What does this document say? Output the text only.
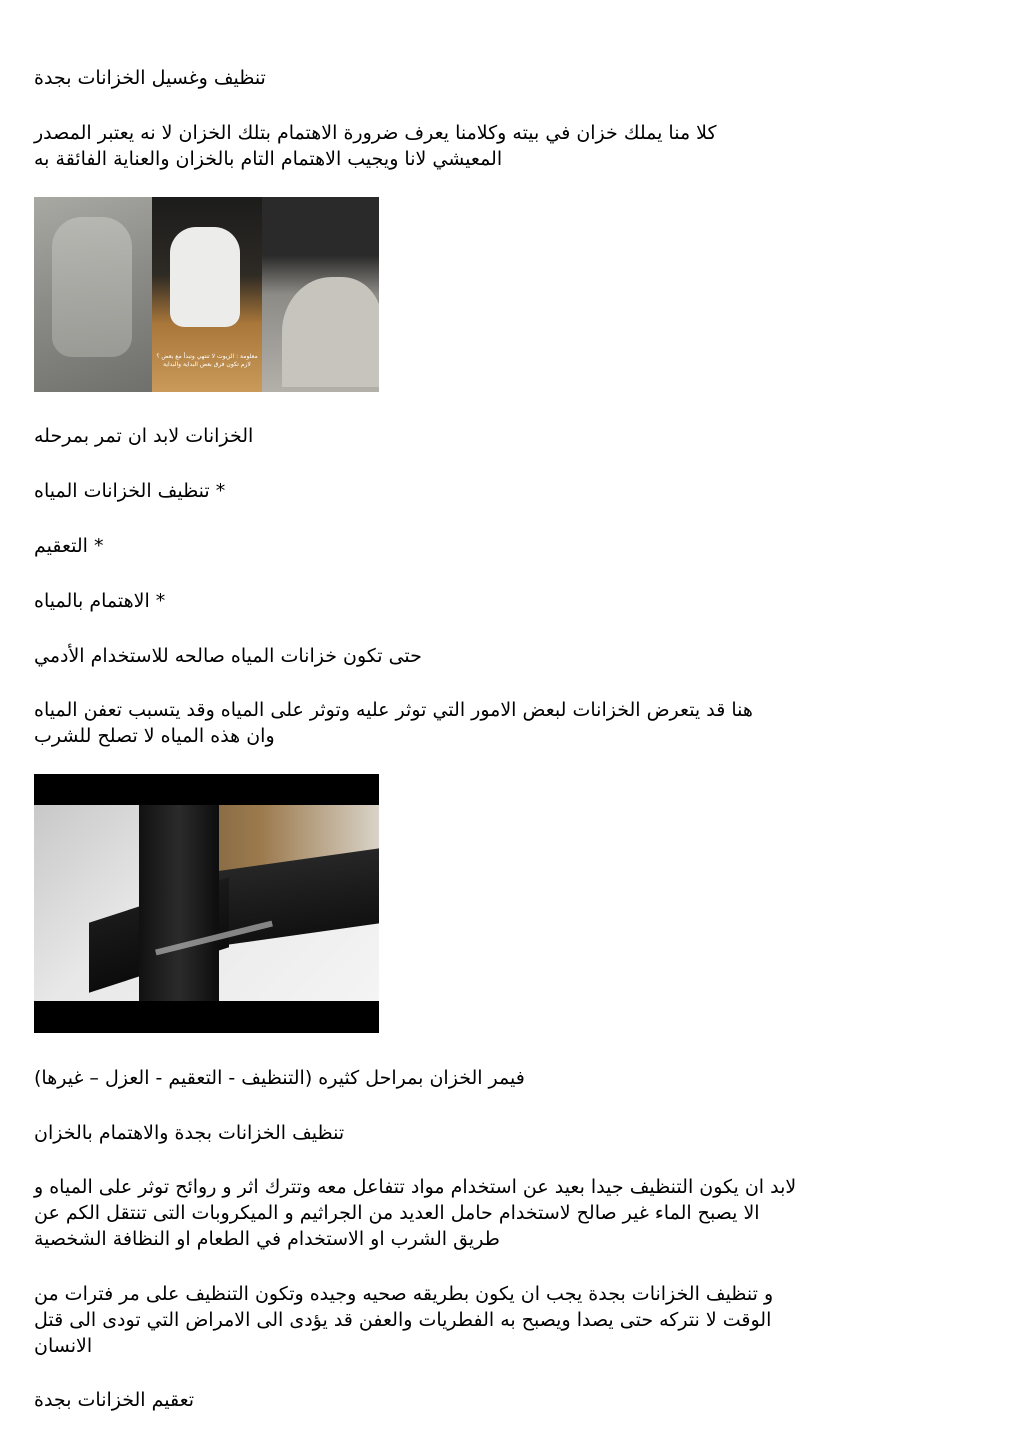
تنظيف وغسيل الخزانات بجدة
كلا منا يملك خزان في بيته وكلامنا يعرف ضرورة الاهتمام بتلك الخزان لا نه يعتبر المصدر
المعيشي لانا ويجيب الاهتمام التام بالخزان والعناية الفائقة به
معلومة : الزيوت لا تنتهي وتبدأ مع بعض ؟ لازم تكون فرق بعض البداية والبداية
الخزانات لابد ان تمر بمرحله
* تنظيف الخزانات المياه
* التعقيم
* الاهتمام بالمياه
حتى تكون خزانات المياه صالحه للاستخدام الأدمي
هنا قد يتعرض الخزانات لبعض الامور التي توثر عليه وتوثر على المياه وقد يتسبب تعفن المياه
وان هذه المياه لا تصلح للشرب
فيمر الخزان بمراحل كثيره (التنظيف - التعقيم - العزل – غيرها)
تنظيف الخزانات بجدة والاهتمام بالخزان
لابد ان يكون التنظيف جيدا بعيد عن استخدام مواد تتفاعل معه وتترك اثر و روائح توثر على المياه و
الا يصبح الماء غير صالح لاستخدام حامل العديد من الجراثيم و الميكروبات التى تنتقل الكم عن
طريق الشرب او الاستخدام في الطعام او النظافة الشخصية
و تنظيف الخزانات بجدة يجب ان يكون بطريقه صحيه وجيده وتكون التنظيف على مر فترات من
الوقت لا نتركه حتى يصدا ويصبح به الفطريات والعفن قد يؤدى الى الامراض التي تودى الى قتل
الانسان
تعقيم الخزانات بجدة
